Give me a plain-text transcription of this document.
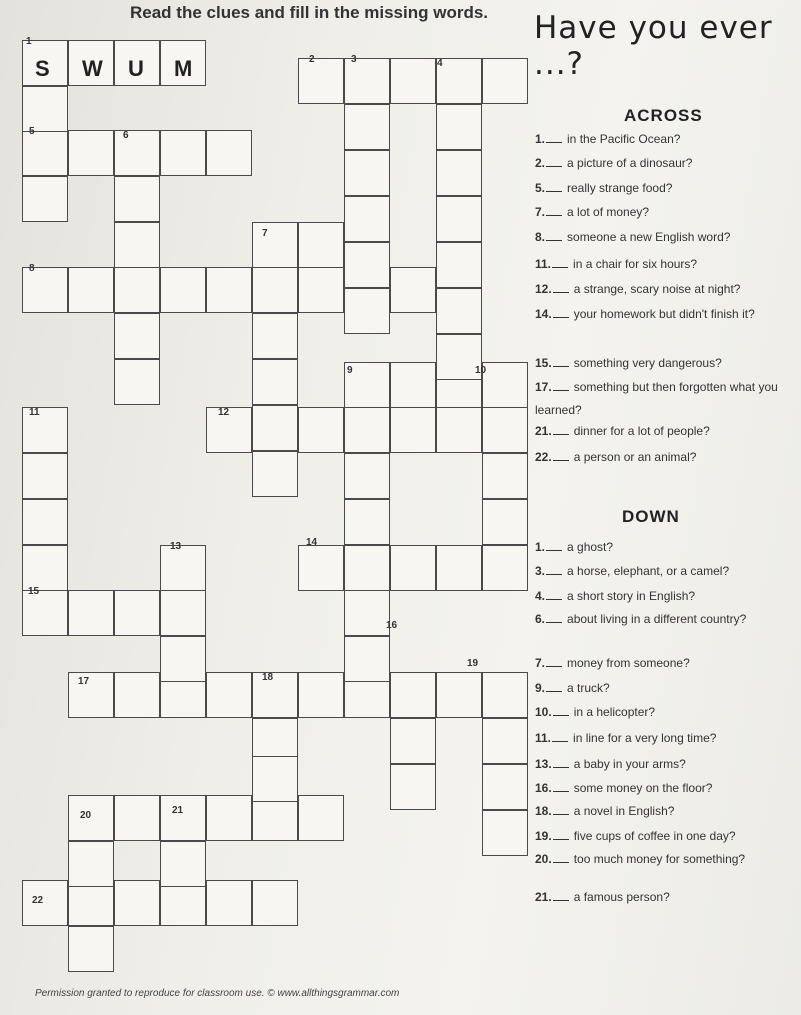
Read the clues and fill in the missing words. Have you ever ...?
1
2	3	4
5	6
7
8
9	10
11	12
13	14
15
16
17	18
19
20	21
22
S W U M
ACROSS
1. in the Pacific Ocean?
2. a picture of a dinosaur?
5. really strange food?
7. a lot of money?
8. someone a new English word?
11. in a chair for six hours?
12. a strange, scary noise at night?
14. your homework but didn't finish it?
15. something very dangerous?
17. something but then forgotten what you learned?
21. dinner for a lot of people?
22. a person or an animal?
DOWN
1. a ghost?
3. a horse, elephant, or a camel?
4. a short story in English?
6. about living in a different country?
7. money from someone?
9. a truck?
10. in a helicopter?
11. in line for a very long time?
13. a baby in your arms?
16. some money on the floor?
18. a novel in English?
19. five cups of coffee in one day?
20. too much money for something?
21. a famous person?
Permission granted to reproduce for classroom use. © www.allthingsgrammar.com
